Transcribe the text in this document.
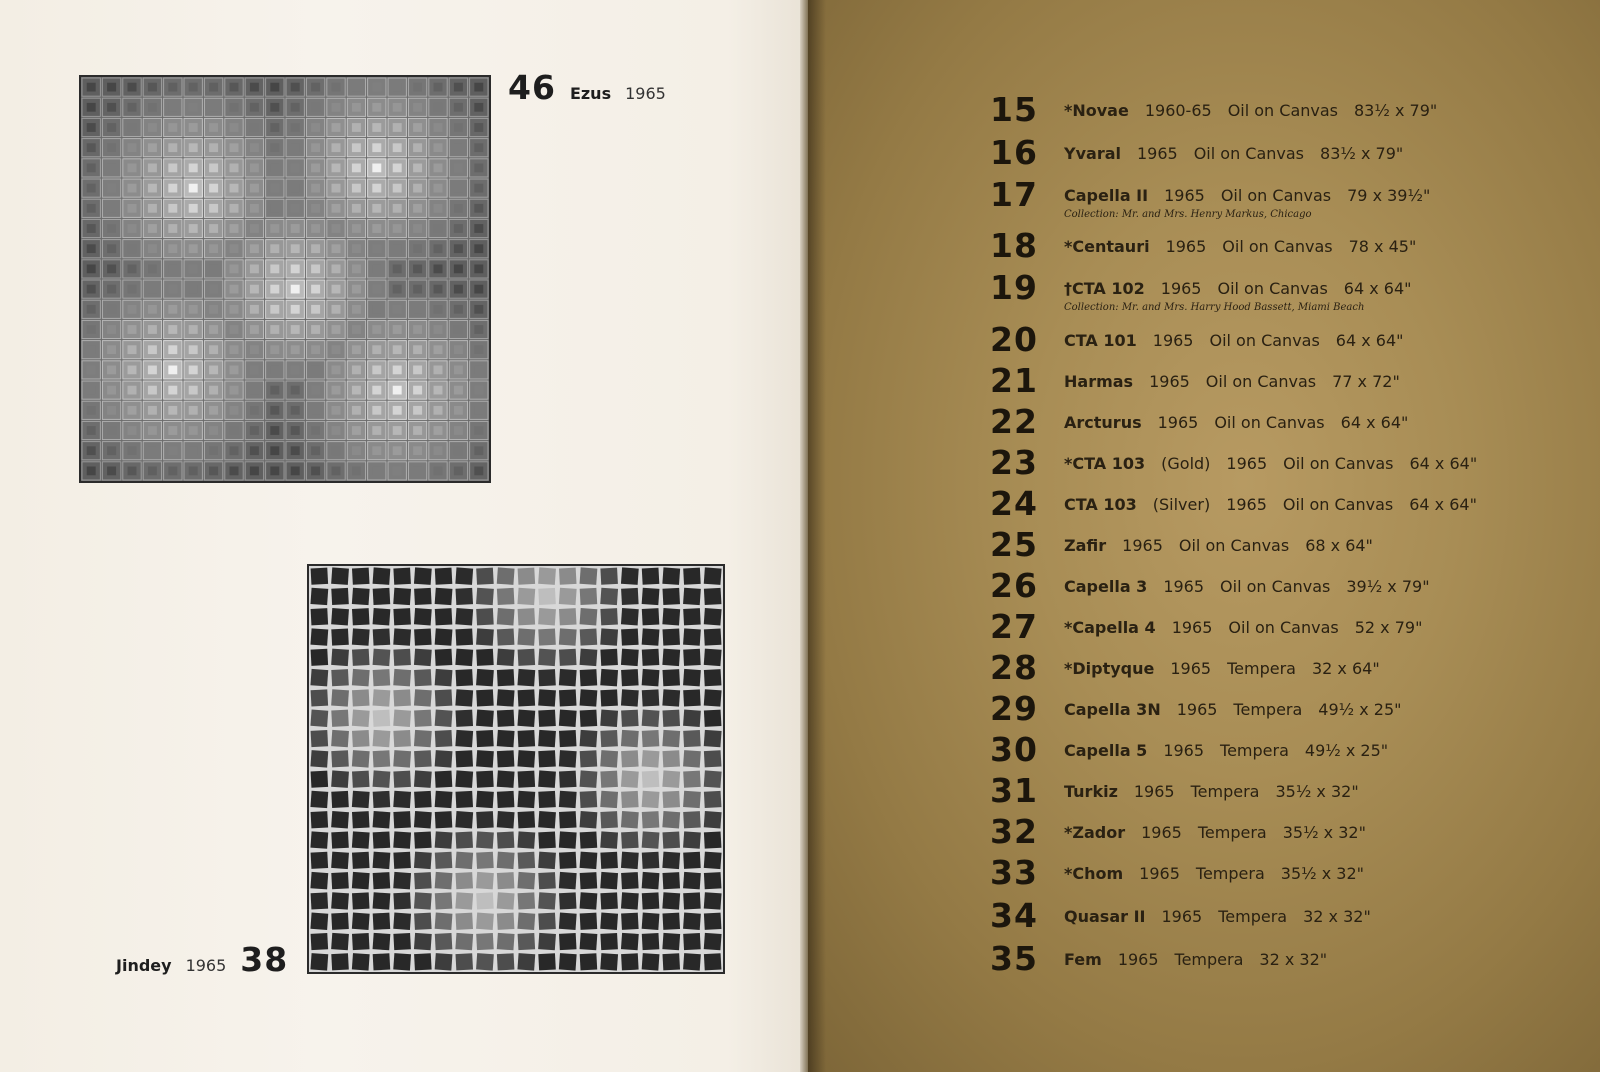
46 Ezus 1965
Jindey 1965 38
15	*Novae 1960-65 Oil on Canvas 83½ x 79"
16	Yvaral 1965 Oil on Canvas 83½ x 79"
17	Capella II 1965 Oil on Canvas 79 x 39½"
Collection: Mr. and Mrs. Henry Markus, Chicago
18	*Centauri 1965 Oil on Canvas 78 x 45"
19	†CTA 102 1965 Oil on Canvas 64 x 64"
Collection: Mr. and Mrs. Harry Hood Bassett, Miami Beach
20	CTA 101 1965 Oil on Canvas 64 x 64"
21	Harmas 1965 Oil on Canvas 77 x 72"
22	Arcturus 1965 Oil on Canvas 64 x 64"
23	*CTA 103 (Gold) 1965 Oil on Canvas 64 x 64"
24	CTA 103 (Silver) 1965 Oil on Canvas 64 x 64"
25	Zafir 1965 Oil on Canvas 68 x 64"
26	Capella 3 1965 Oil on Canvas 39½ x 79"
27	*Capella 4 1965 Oil on Canvas 52 x 79"
28	*Diptyque 1965 Tempera 32 x 64"
29	Capella 3N 1965 Tempera 49½ x 25"
30	Capella 5 1965 Tempera 49½ x 25"
31	Turkiz 1965 Tempera 35½ x 32"
32	*Zador 1965 Tempera 35½ x 32"
33	*Chom 1965 Tempera 35½ x 32"
34	Quasar II 1965 Tempera 32 x 32"
35	Fem 1965 Tempera 32 x 32"
